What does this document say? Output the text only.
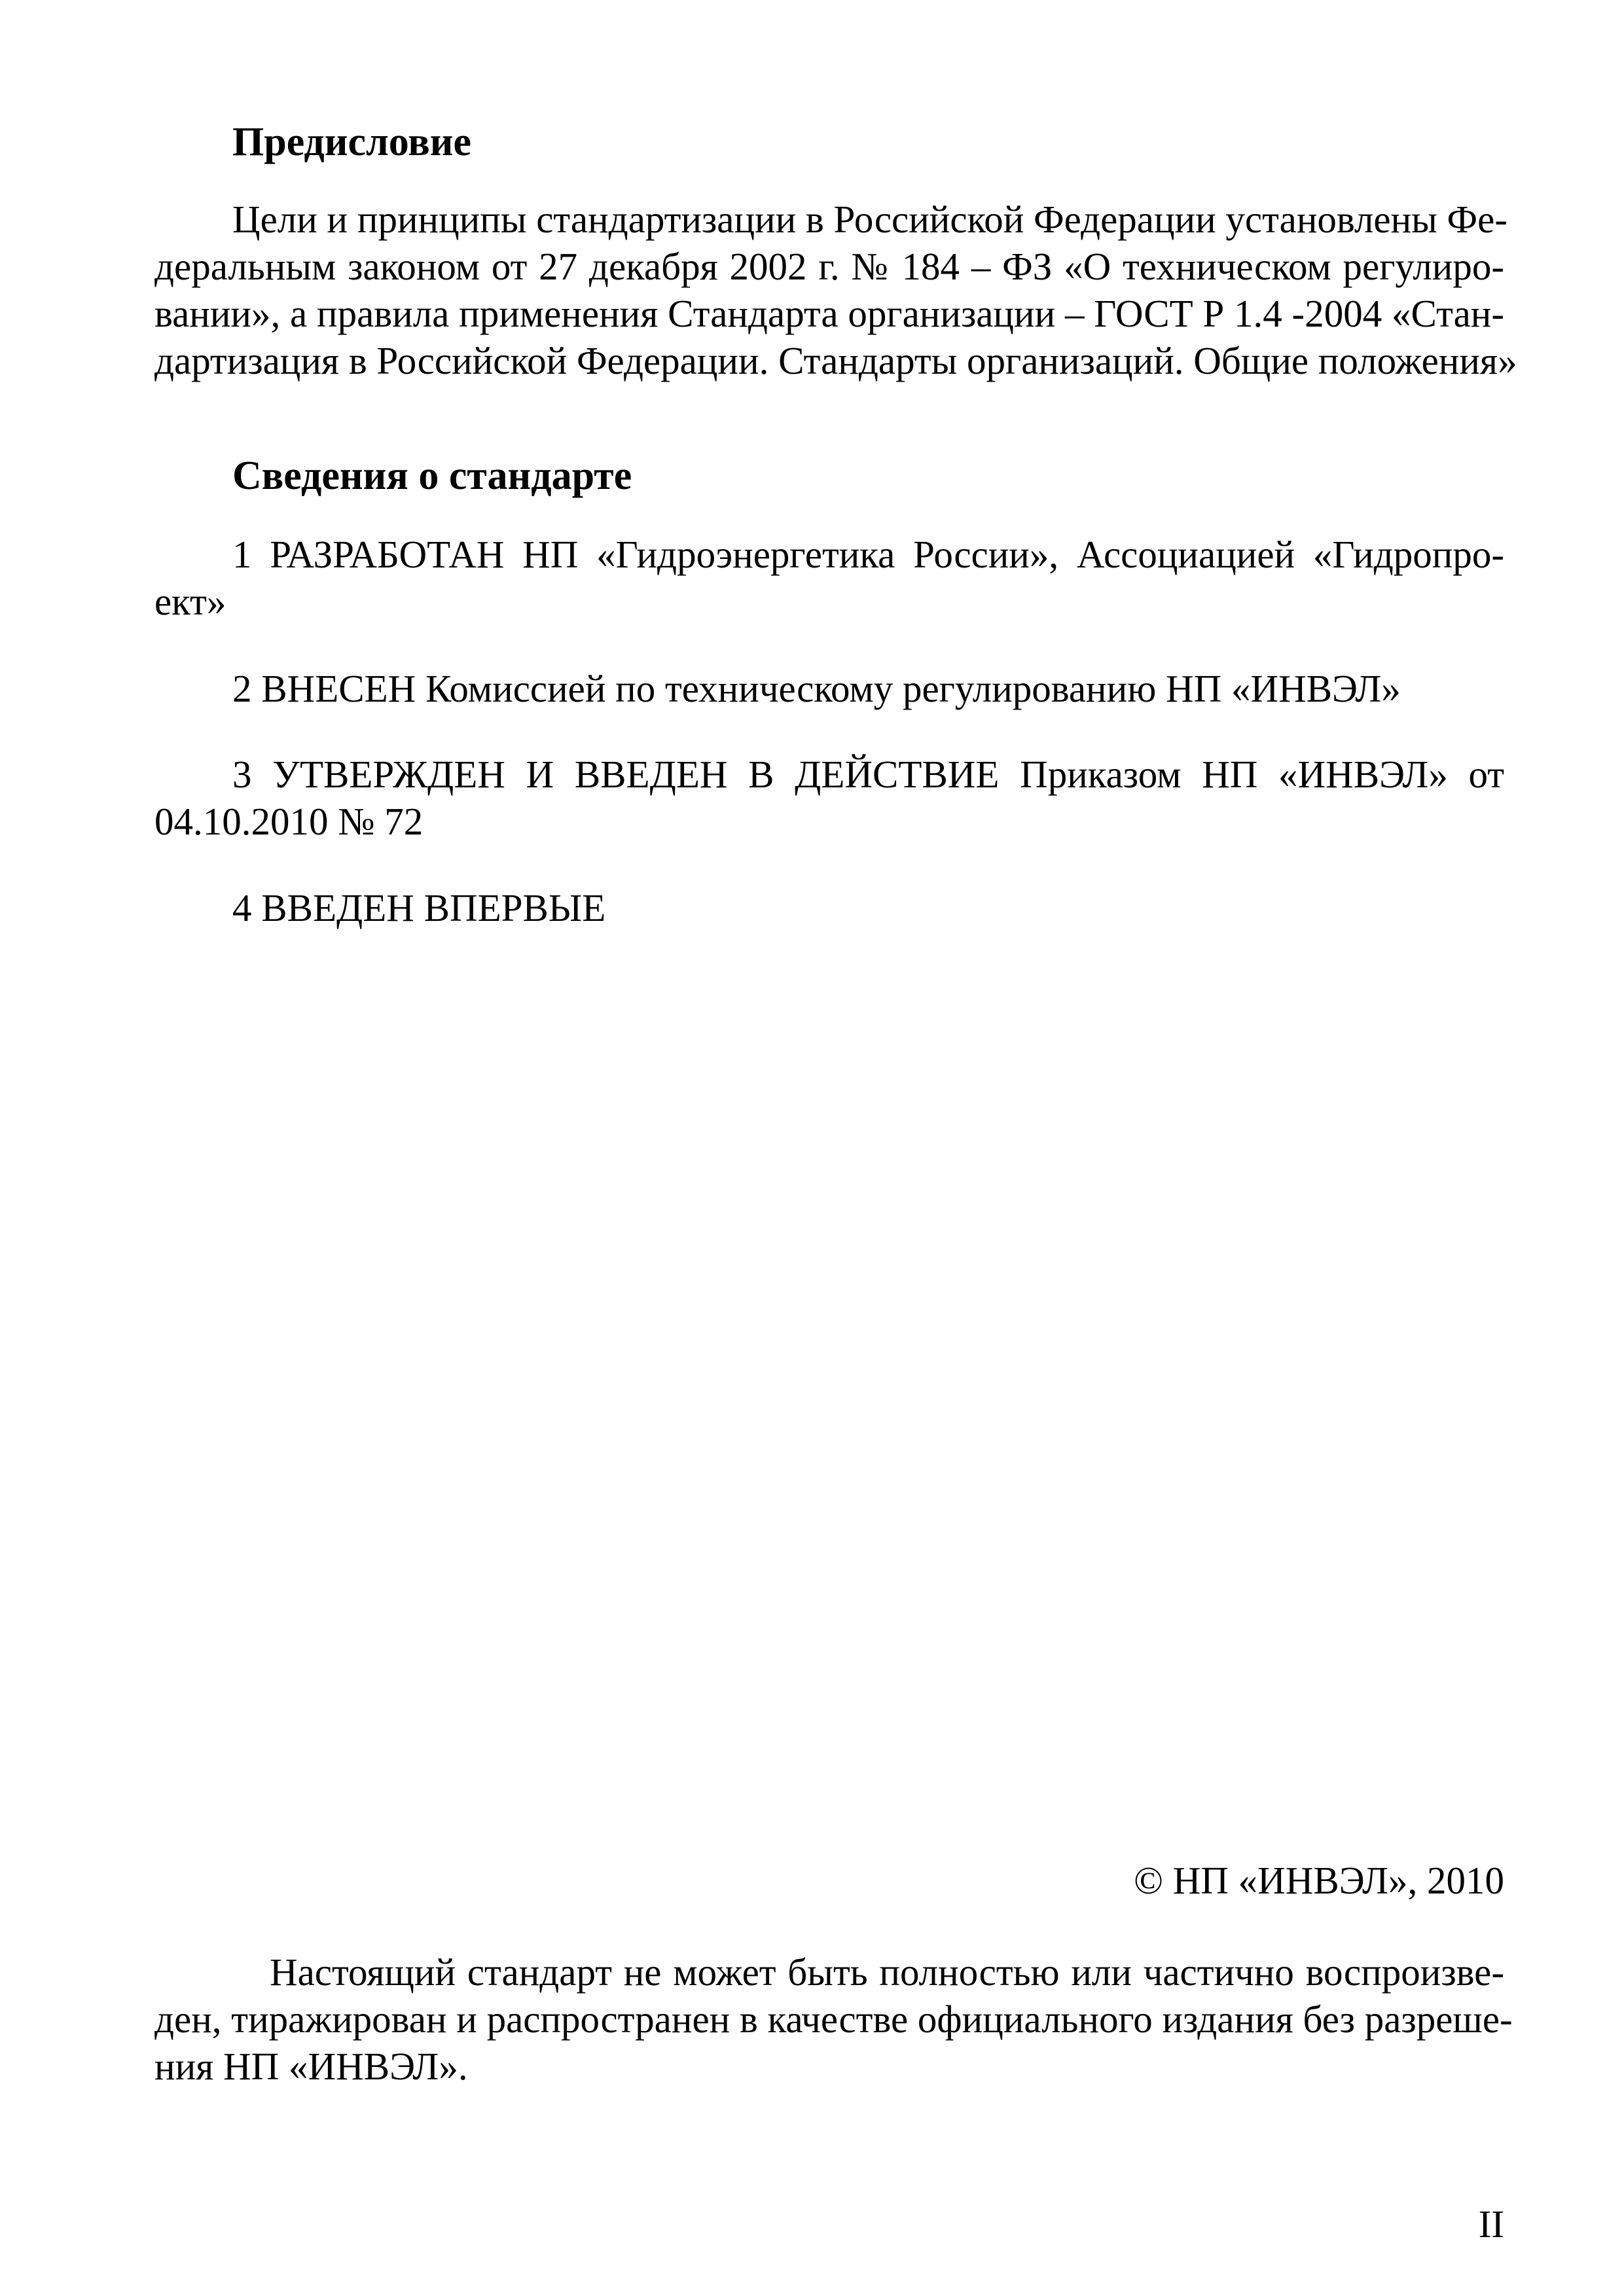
Предисловие

Цели и принципы стандартизации в Российской Федерации установлены Фе-

деральным законом от 27 декабря 2002 г. № 184 – ФЗ «О техническом регулиро-

вании», а правила применения Стандарта организации – ГОСТ Р 1.4 -2004 «Стан-

дартизация в Российской Федерации. Стандарты организаций. Общие положения»

Сведения о стандарте

1 РАЗРАБОТАН НП «Гидроэнергетика России», Ассоциацией «Гидропро-

ект»

2 ВНЕСЕН Комиссией по техническому регулированию НП «ИНВЭЛ»

3 УТВЕРЖДЕН И ВВЕДЕН В ДЕЙСТВИЕ Приказом НП «ИНВЭЛ» от

04.10.2010 № 72

4 ВВЕДЕН ВПЕРВЫЕ

© НП «ИНВЭЛ», 2010

Настоящий стандарт не может быть полностью или частично воспроизве-

ден, тиражирован и распространен в качестве официального издания без разреше-

ния НП «ИНВЭЛ».

II
